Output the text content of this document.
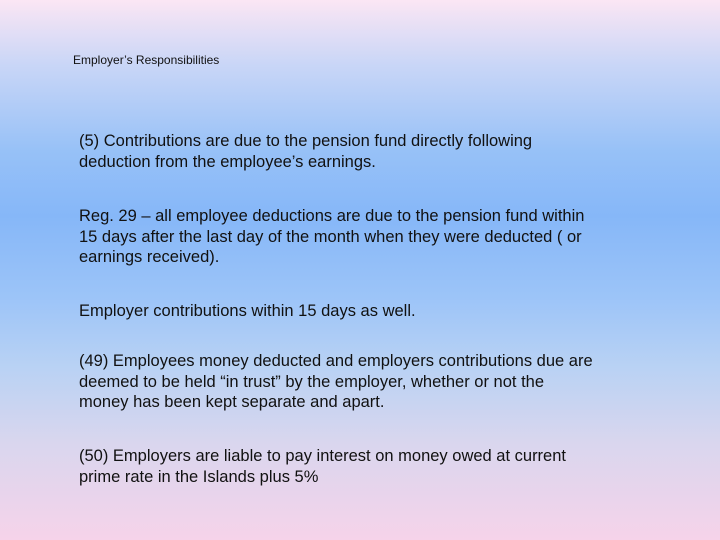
Employer’s Responsibilities

(5) Contributions are due to the pension fund directly following
deduction from the employee’s earnings.

Reg. 29 – all employee deductions are due to the pension fund within
15 days after the last day of the month when they were deducted ( or
earnings received).

Employer contributions within 15 days as well.

(49) Employees money deducted and employers contributions due are
deemed to be held “in trust” by the employer, whether or not the
money has been kept separate and apart.

(50) Employers are liable to pay interest on money owed at current
prime rate in the Islands plus 5%
